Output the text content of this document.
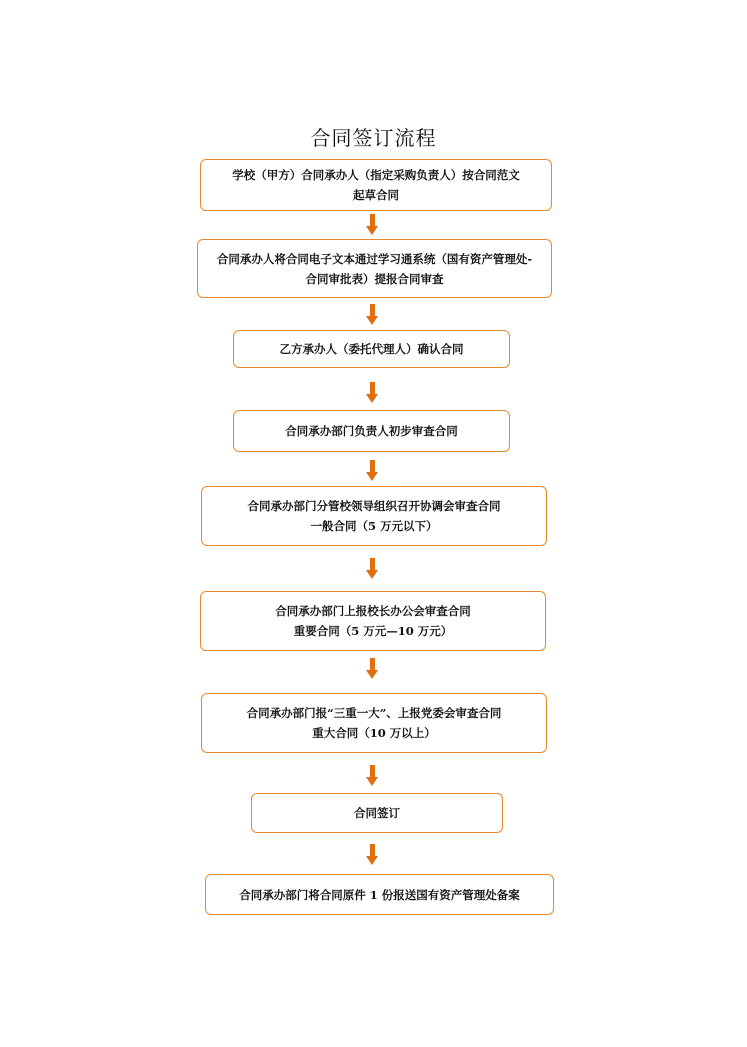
合同签订流程
学校（甲方）合同承办人（指定采购负责人）按合同范文
起草合同
合同承办人将合同电子文本通过学习通系统（国有资产管理处-
合同审批表）提报合同审查
乙方承办人（委托代理人）确认合同
合同承办部门负责人初步审查合同
合同承办部门分管校领导组织召开协调会审查合同
一般合同（5 万元以下）
合同承办部门上报校长办公会审查合同
重要合同（5 万元—10 万元）
合同承办部门报“三重一大”、上报党委会审查合同
重大合同（10 万以上）
合同签订
合同承办部门将合同原件 1 份报送国有资产管理处备案
